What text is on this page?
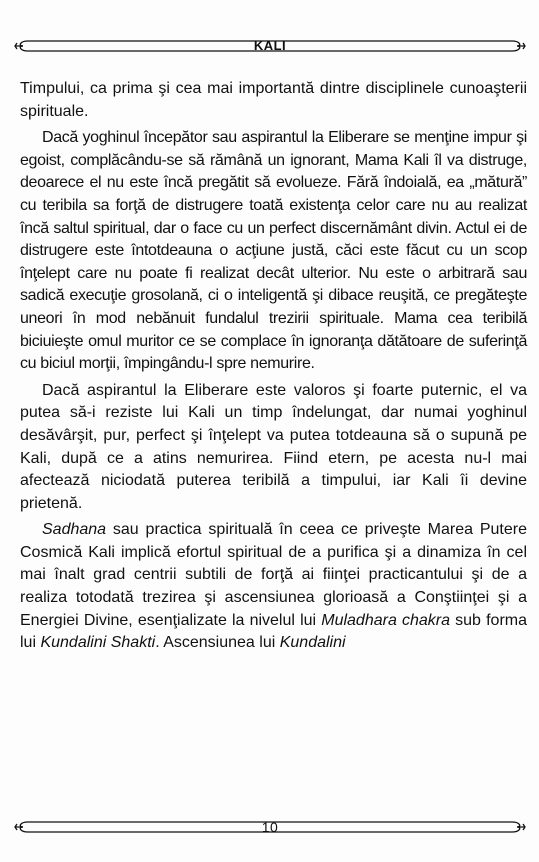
KALI

Timpului, ca prima şi cea mai importantă dintre disciplinele cunoaşterii spirituale.

Dacă yoghinul începător sau aspirantul la Eliberare se menţine impur şi egoist, complăcându-se să rămână un ignorant, Mama Kali îl va distruge, deoarece el nu este încă pregătit să evolueze. Fără îndoială, ea „mătură” cu teribila sa forţă de distrugere toată existenţa celor care nu au realizat încă saltul spiritual, dar o face cu un perfect discernământ divin. Actul ei de distrugere este întotdeauna o acţiune justă, căci este făcut cu un scop înţelept care nu poate fi realizat decât ulterior. Nu este o arbitrară sau sadică execuţie grosolană, ci o inteligentă şi dibace reuşită, ce pregăteşte uneori în mod nebănuit fundalul trezirii spirituale. Mama cea teribilă biciuieşte omul muritor ce se complace în ignoranţa dătătoare de suferinţă cu biciul morţii, împingându-l spre nemurire.

Dacă aspirantul la Eliberare este valoros şi foarte puternic, el va putea să-i reziste lui Kali un timp îndelungat, dar numai yoghinul desăvârşit, pur, perfect şi înţelept va putea totdeauna să o supună pe Kali, după ce a atins nemurirea. Fiind etern, pe acesta nu-l mai afectează niciodată puterea teribilă a timpului, iar Kali îi devine prietenă.

Sadhana sau practica spirituală în ceea ce priveşte Marea Putere Cosmică Kali implică efortul spiritual de a purifica şi a dinamiza în cel mai înalt grad centrii subtili de forţă ai fiinţei practicantului şi de a realiza totodată trezirea şi ascensiunea glorioasă a Conştiinţei şi a Energiei Divine, esenţializate la nivelul lui Muladhara chakra sub forma lui Kundalini Shakti. Ascensiunea lui Kundalini

10
